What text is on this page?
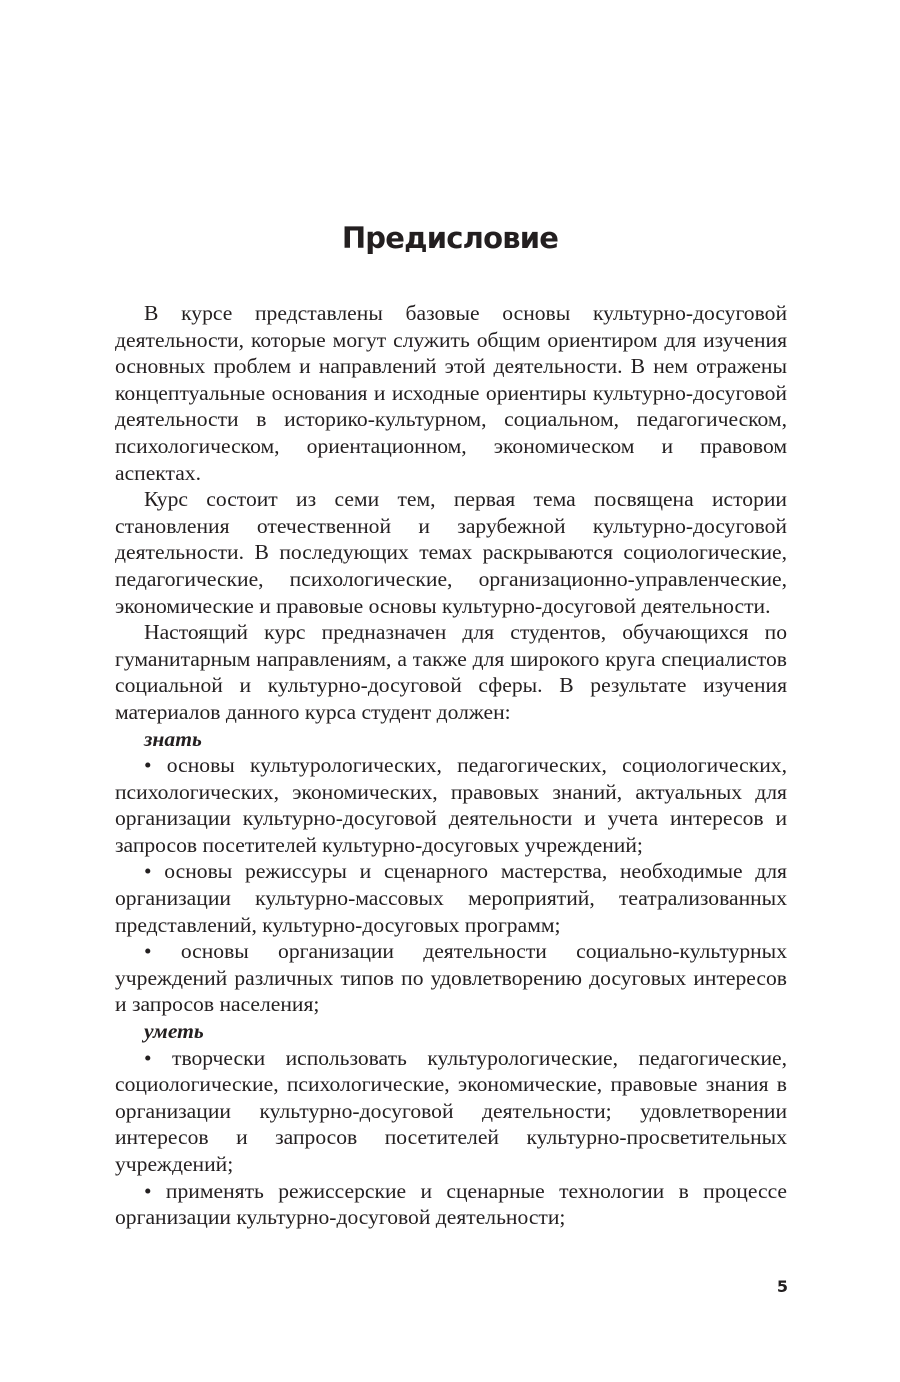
Предисловие

В курсе представлены базовые основы культурно-досуговой деятельности, которые могут служить общим ориентиром для изучения основных проблем и направлений этой деятельности. В нем отражены концептуальные основания и исходные ориентиры культурно-досуговой деятельности в историко-культурном, социальном, педагогическом, психологическом, ориентационном, экономическом и правовом аспектах.

Курс состоит из семи тем, первая тема посвящена истории становления отечественной и зарубежной культурно-досуговой деятельности. В последующих темах раскрываются социологические, педагогические, психологические, организационно-управленческие, экономические и правовые основы культурно-досуговой деятельности.

Настоящий курс предназначен для студентов, обучающихся по гуманитарным направлениям, а также для широкого круга специалистов социальной и культурно-досуговой сферы. В результате изучения материалов данного курса студент должен:

знать

• основы культурологических, педагогических, социологических, психологических, экономических, правовых знаний, актуальных для организации культурно-досуговой деятельности и учета интересов и запросов посетителей культурно-досуговых учреждений;

• основы режиссуры и сценарного мастерства, необходимые для организации культурно-массовых мероприятий, театрализованных представлений, культурно-досуговых программ;

• основы организации деятельности социально-культурных учреждений различных типов по удовлетворению досуговых интересов и запросов населения;

уметь

• творчески использовать культурологические, педагогические, социологические, психологические, экономические, правовые знания в организации культурно-досуговой деятельности; удовлетворении интересов и запросов посетителей культурно-просветительных учреждений;

• применять режиссерские и сценарные технологии в процессе организации культурно-досуговой деятельности;

5
